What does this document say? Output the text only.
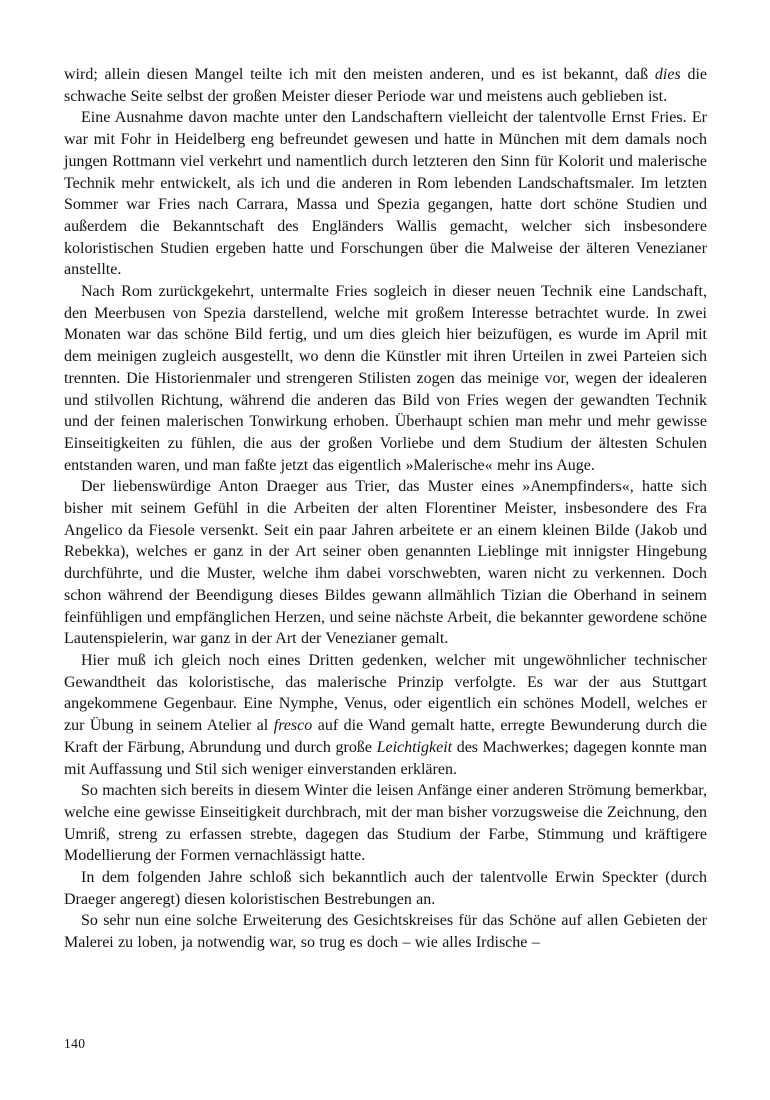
wird; allein diesen Mangel teilte ich mit den meisten anderen, und es ist bekannt, daß dies die schwache Seite selbst der großen Meister dieser Periode war und meistens auch geblieben ist.

Eine Ausnahme davon machte unter den Landschaftern vielleicht der talentvolle Ernst Fries. Er war mit Fohr in Heidelberg eng befreundet gewesen und hatte in München mit dem damals noch jungen Rottmann viel verkehrt und namentlich durch letzteren den Sinn für Kolorit und malerische Technik mehr entwickelt, als ich und die anderen in Rom lebenden Landschaftsmaler. Im letzten Sommer war Fries nach Carrara, Massa und Spezia gegangen, hatte dort schöne Studien und außerdem die Bekanntschaft des Engländers Wallis gemacht, welcher sich insbesondere koloristischen Studien ergeben hatte und Forschungen über die Malweise der älteren Venezianer anstellte.

Nach Rom zurückgekehrt, untermalte Fries sogleich in dieser neuen Technik eine Landschaft, den Meerbusen von Spezia darstellend, welche mit großem Interesse betrachtet wurde. In zwei Monaten war das schöne Bild fertig, und um dies gleich hier beizufügen, es wurde im April mit dem meinigen zugleich ausgestellt, wo denn die Künstler mit ihren Urteilen in zwei Parteien sich trennten. Die Historienmaler und strengeren Stilisten zogen das meinige vor, wegen der idealeren und stilvollen Richtung, während die anderen das Bild von Fries wegen der gewandten Technik und der feinen malerischen Tonwirkung erhoben. Überhaupt schien man mehr und mehr gewisse Einseitigkeiten zu fühlen, die aus der großen Vorliebe und dem Studium der ältesten Schulen entstanden waren, und man faßte jetzt das eigentlich »Malerische« mehr ins Auge.

Der liebenswürdige Anton Draeger aus Trier, das Muster eines »Anempfinders«, hatte sich bisher mit seinem Gefühl in die Arbeiten der alten Florentiner Meister, insbesondere des Fra Angelico da Fiesole versenkt. Seit ein paar Jahren arbeitete er an einem kleinen Bilde (Jakob und Rebekka), welches er ganz in der Art seiner oben genannten Lieblinge mit innigster Hingebung durchführte, und die Muster, welche ihm dabei vorschwebten, waren nicht zu verkennen. Doch schon während der Beendigung dieses Bildes gewann allmählich Tizian die Oberhand in seinem feinfühligen und empfänglichen Herzen, und seine nächste Arbeit, die bekannter gewordene schöne Lautenspielerin, war ganz in der Art der Venezianer gemalt.

Hier muß ich gleich noch eines Dritten gedenken, welcher mit ungewöhnlicher technischer Gewandtheit das koloristische, das malerische Prinzip verfolgte. Es war der aus Stuttgart angekommene Gegenbaur. Eine Nymphe, Venus, oder eigentlich ein schönes Modell, welches er zur Übung in seinem Atelier al fresco auf die Wand gemalt hatte, erregte Bewunderung durch die Kraft der Färbung, Abrundung und durch große Leichtigkeit des Machwerkes; dagegen konnte man mit Auffassung und Stil sich weniger einverstanden erklären.

So machten sich bereits in diesem Winter die leisen Anfänge einer anderen Strömung bemerkbar, welche eine gewisse Einseitigkeit durchbrach, mit der man bisher vorzugsweise die Zeichnung, den Umriß, streng zu erfassen strebte, dagegen das Studium der Farbe, Stimmung und kräftigere Modellierung der Formen vernachlässigt hatte.

In dem folgenden Jahre schloß sich bekanntlich auch der talentvolle Erwin Speckter (durch Draeger angeregt) diesen koloristischen Bestrebungen an.

So sehr nun eine solche Erweiterung des Gesichtskreises für das Schöne auf allen Gebieten der Malerei zu loben, ja notwendig war, so trug es doch – wie alles Irdische –

140
